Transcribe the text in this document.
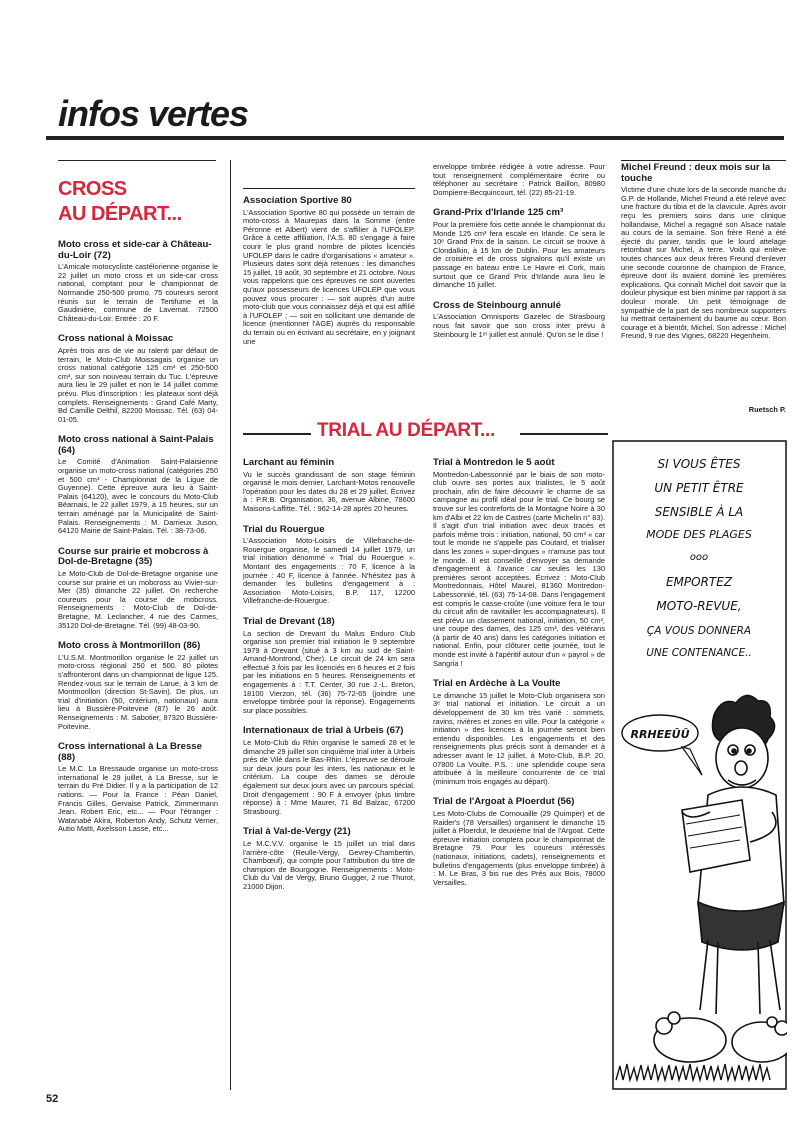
infos vertes
CROSS
AU DÉPART...
TRIAL AU DÉPART...
Moto cross et side-car à Château-du-Loir (72)

L'Amicale motocycliste castélorienne organise le 22 juillet un moto cross et un side-car cross national, comptant pour le championnat de Normandie 250-500 promo. 75 coureurs seront réunis sur le terrain de Tertifume et la Gaudinière, commune de Lavernat. 72500 Château-du-Loir. Entrée : 20 F.

Cross national à Moissac

Après trois ans de vie au ralenti par défaut de terrain, le Moto-Club Moissagais organise un cross national catégorie 125 cm³ et 250-500 cm³, sur son nouveau terrain du Tuc. L'épreuve aura lieu le 29 juillet et non le 14 juillet comme prévu. Plus d'inscription : les plateaux sont déjà complets. Renseignements : Grand Café Marty, Bd Camille Delthil, 82200 Moissac. Tél. (63) 04-01-05.

Moto cross national à Saint-Palais (64)

Le Comité d'Animation Saint-Palaisienne organise un moto-cross national (catégories 250 et 500 cm³ - Championnat de la Ligue de Guyenne). Cette épreuve aura lieu à Saint-Palais (64120), avec le concours du Moto-Club Béarnais, le 22 juillet 1979, à 15 heures, sur un terrain aménagé par la Municipalité de Saint-Palais. Renseignements : M. Darrieux Juson, 64120 Mairie de Saint-Palais. Tél. : 38-73-06.

Course sur prairie et mobcross à Dol-de-Bretagne (35)

Le Moto-Club de Dol-de-Bretagne organise une course sur prairie et un mobcross au Vivier-sur-Mer (35) dimanche 22 juillet. On recherche coureurs pour la course de mobcross. Renseignements : Moto-Club de Dol-de-Bretagne, M. Leclancher, 4 rue des Carmes, 35120 Dol-de-Bretagne. Tél. (99) 48-03-90.

Moto cross à Montmorillon (86)

L'U.S.M. Montmorillon organise le 22 juillet un moto-cross régional 250 et 500. 80 pilotes s'affronteront dans un championnat de ligue 125. Rendez-vous sur le terrain de Larue, à 3 km de Montmorillon (direction St-Savin). De plus, un trial d'initiation (50, critérium, nationaux) aura lieu à Bussière-Poitevine (87) le 26 août. Renseignements : M. Sabotier, 87320 Bussière-Poitevine.

Cross international à La Bresse (88)

Le M.C. La Bressaude organise un moto-cross international le 29 juillet, à La Bresse, sur le terrain du Pré Didier. Il y a la participation de 12 nations. — Pour la France : Péan Daniel, Francis Gilles, Gervaise Patrick, Zimmermann Jean, Robert Eric, etc... — Pour l'étranger : Watanabé Akira, Roberton Andy, Schutz Verner, Autio Matti, Axelsson Lasse, etc...

Association Sportive 80

L'Association Sportive 80 qui possède un terrain de moto-cross à Maurepas dans la Somme (entre Péronne et Albert) vient de s'affilier à l'UFOLEP. Grâce à cette affiliation, l'A.S. 80 s'engage à faire courir le plus grand nombre de pilotes licenciés UFOLEP dans le cadre d'organisations « amateur ». Plusieurs dates sont déjà retenues : les dimanches 15 juillet, 19 août, 30 septembre et 21 octobre. Nous vous rappelons que ces épreuves ne sont ouvertes qu'aux possesseurs de licences UFOLEP que vous pouvez vous procurer : — soit auprès d'un autre moto-club que vous connaissez déjà et qui est affilié à l'UFOLEP ; — soit en sollicitant une demande de licence (mentionner l'AGE) auprès du responsable du terrain ou en écrivant au secrétaire, en y joignant une

enveloppe timbrée rédigée à votre adresse. Pour tout renseignement complémentaire écrire ou téléphoner au secrétaire : Patrick Baillon, 80980 Dompierre-Becquincourt, tél. (22) 85-21-19.

Grand-Prix d'Irlande 125 cm³

Pour la première fois cette année le championnat du Monde 125 cm³ fera escale en Irlande. Ce sera le 10ᵉ Grand Prix de la saison. Le circuit se trouve à Clondalkin, à 15 km de Dublin. Pour les amateurs de croisière et de cross signalons qu'il existe un passage en bateau entre Le Havre et Cork, mais surtout que ce Grand Prix d'Irlande aura lieu le dimanche 15 juillet.

Cross de Steinbourg annulé

L'Association Omnisports Gazelec de Strasbourg nous fait savoir que son cross inter prévu à Steinbourg le 1ᵉʳ juillet est annulé. Qu'on se le dise !

Michel Freund : deux mois sur la touche

Victime d'une chute lors de la seconde manche du G.P. de Hollande, Michel Freund a été relevé avec une fracture du tibia et de la clavicule. Après avoir reçu les premiers soins dans une clinique hollandaise, Michel a regagné son Alsace natale au cours de la semaine. Son frère René a été éjecté du panier, tandis que le lourd attelage retombait sur Michel, à terre. Voilà qui enlève toutes chances aux deux frères Freund d'enlever une seconde couronne de champion de France, épreuve dont ils avaient dominé les premières explications. Qui connaît Michel doit savoir que la douleur physique est bien minime par rapport à sa douleur morale. Un petit témoignage de sympathie de la part de ses nombreux supporters lui mettrait certainement du baume au cœur. Bon courage et à bientôt, Michel. Son adresse : Michel Freund, 9 rue des Vignes, 68220 Hegenheim.

Ruetsch P.
Larchant au féminin

Vu le succès grandissant de son stage féminin organisé le mois dernier, Larchant-Motos renouvelle l'opération pour les dates du 28 et 29 juillet. Écrivez à : P.R.B. Organisation, 36, avenue Albine, 78600 Maisons-Laffitte. Tél. : 962-14-28 après 20 heures.

Trial du Rouergue

L'Association Moto-Loisirs de Villefranche-de-Rouergue organise, le samedi 14 juillet 1979, un trial initiation dénommé « Trial du Rouergue ». Montant des engagements : 70 F, licence à la journée : 40 F, licence à l'année. N'hésitez pas à demander les bulletins d'engagement à : Association Moto-Loisirs, B.P. 117, 12200 Villefranche-de-Rouergue.

Trial de Drevant (18)

La section de Drevant du Malus Enduro Club organise son premier trial initiation le 9 septembre 1979 à Drevant (situé à 3 km au sud de Saint-Amand-Montrond, Cher). Le circuit de 24 km sera effectué 3 fois par les licenciés en 6 heures et 2 fois par les initiations en 5 heures. Renseignements et engagements à : T.T. Center, 30 rue J.-L. Breton, 18100 Vierzon, tél. (36) 75-72-65 (joindre une enveloppe timbrée pour la réponse). Engagements sur place possibles.

Internationaux de trial à Urbeis (67)

Le Moto-Club du Rhin organise le samedi 28 et le dimanche 29 juillet son cinquième trial inter à Urbeis près de Vilé dans le Bas-Rhin. L'épreuve se déroule sur deux jours pour les inters, les nationaux et le critérium. La coupe des dames se déroule également sur deux jours avec un parcours spécial. Droit d'engagement : 90 F à envoyer (plus timbre réponse) à : Mme Maurer, 71 Bd Balzac, 67200 Strasbourg.

Trial à Val-de-Vergy (21)

Le M.C.V.V. organise le 15 juillet un trial dans l'arrière-côte (Reulle-Vergy, Gevrey-Chambertin, Chambœuf), qui compte pour l'attribution du titre de champion de Bourgogne. Renseignements : Moto-Club du Val de Vergy, Bruno Gugger, 2 rue Thurot, 21000 Dijon.

Trial à Montredon le 5 août

Montredon-Labessonnié par le biais de son moto-club ouvre ses portes aux trialistes, le 5 août prochain, afin de faire découvrir le charme de sa campagne au profil idéal pour le trial. Ce bourg se trouve sur les contreforts de la Montagne Noire à 30 km d'Albi et 22 km de Castres (carte Michelin n° 83). Il s'agit d'un trial initiation avec deux tracés et parfois même trois : initiation, national, 50 cm³ « car tout le monde ne s'appelle pas Coutard, et trialiser dans les zones « super-dingues » n'amuse pas tout le monde. Il est conseillé d'envoyer sa demande d'engagement à l'avance car seules les 130 premières seront acceptées. Écrivez : Moto-Club Montredonnais, Hôtel Maurel, 81360 Montredon-Labessonnié, tél. (63) 75-14-08. Dans l'engagement est compris le casse-croûte (une voiture fera le tour du circuit afin de ravitailler les accompagnateurs). Il est prévu un classement national, initiation, 50 cm³, une coupe des dames, des 125 cm³, des vétérans (à partir de 40 ans) dans les catégories initiation et national. Enfin, pour clôturer cette journée, tout le monde est invité à l'apéritif autour d'un « payrol » de Sangria !

Trial en Ardèche à La Voulte

Le dimanche 15 juillet le Moto-Club organisera son 3ᵉ trial national et initiation. Le circuit a un développement de 30 km très varié : sommets, ravins, rivières et zones en ville. Pour la catégorie « initiation » des licences à la journée seront bien entendu disponibles. Les engagements et des renseignements plus précis sont à demander et à adresser avant le 12 juillet, à Moto-Club, B.P. 20, 07800 La Voulte. P.S. : une splendide coupe sera attribuée à la meilleure concurrente de ce trial (minimum trois engagés au départ).

Trial de l'Argoat à Ploerdut (56)

Les Moto-Clubs de Cornouaille (29 Quimper) et de Raider's (78 Versailles) organisent le dimanche 15 juillet à Ploerdut, le deuxième trial de l'Argoat. Cette épreuve initiation comptera pour le championnat de Bretagne 79. Pour les coureurs intéressés (nationaux, initiations, cadets), renseignements et bulletins d'engagements (plus enveloppe timbrée) à : M. Le Bras, 3 bis rue des Prés aux Bois, 78000 Versailles.

SI VOUS ÊTES
UN PETIT ÊTRE
SENSIBLE À LA
MODE DES PLAGES
ooo
EMPORTEZ
MOTO-REVUE,
ÇA VOUS DONNERA
UNE CONTENANCE..
RRHEEÛÛ
52
